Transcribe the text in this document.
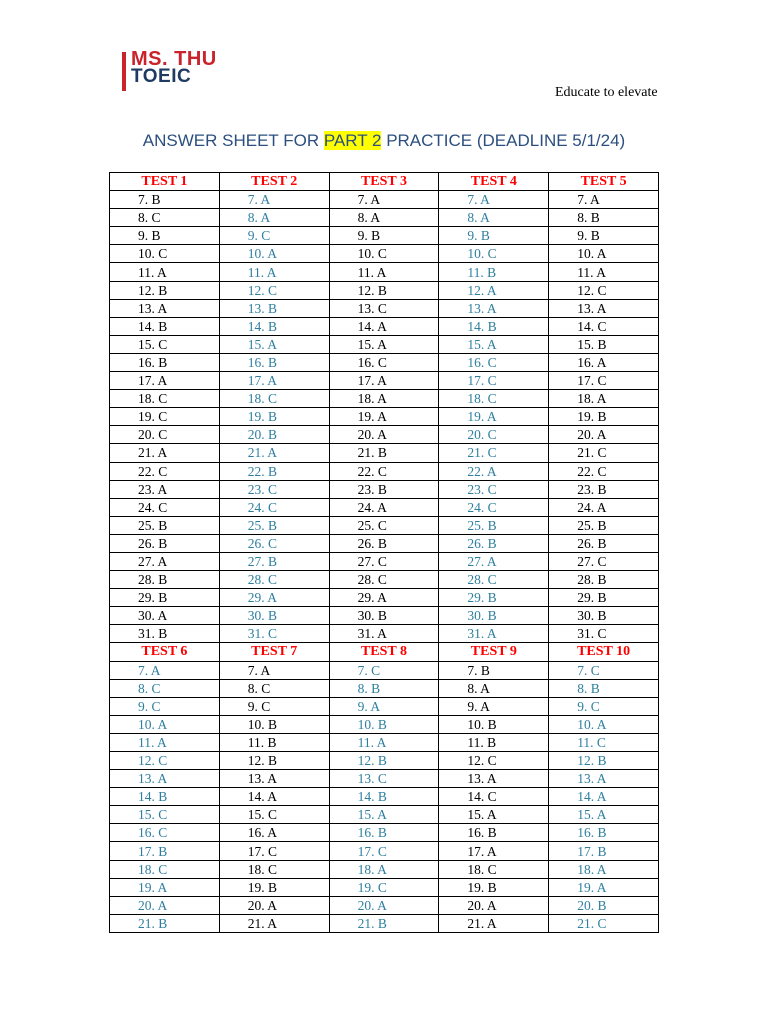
MS. THU
TOEIC
Educate to elevate
ANSWER SHEET FOR PART 2 PRACTICE (DEADLINE 5/1/24)
TEST 1	TEST 2	TEST 3	TEST 4	TEST 5
7. B	7. A	7. A	7. A	7. A
8. C	8. A	8. A	8. A	8. B
9. B	9. C	9. B	9. B	9. B
10. C	10. A	10. C	10. C	10. A
11. A	11. A	11. A	11. B	11. A
12. B	12. C	12. B	12. A	12. C
13. A	13. B	13. C	13. A	13. A
14. B	14. B	14. A	14. B	14. C
15. C	15. A	15. A	15. A	15. B
16. B	16. B	16. C	16. C	16. A
17. A	17. A	17. A	17. C	17. C
18. C	18. C	18. A	18. C	18. A
19. C	19. B	19. A	19. A	19. B
20. C	20. B	20. A	20. C	20. A
21. A	21. A	21. B	21. C	21. C
22. C	22. B	22. C	22. A	22. C
23. A	23. C	23. B	23. C	23. B
24. C	24. C	24. A	24. C	24. A
25. B	25. B	25. C	25. B	25. B
26. B	26. C	26. B	26. B	26. B
27. A	27. B	27. C	27. A	27. C
28. B	28. C	28. C	28. C	28. B
29. B	29. A	29. A	29. B	29. B
30. A	30. B	30. B	30. B	30. B
31. B	31. C	31. A	31. A	31. C
TEST 6	TEST 7	TEST 8	TEST 9	TEST 10
7. A	7. A	7. C	7. B	7. C
8. C	8. C	8. B	8. A	8. B
9. C	9. C	9. A	9. A	9. C
10. A	10. B	10. B	10. B	10. A
11. A	11. B	11. A	11. B	11. C
12. C	12. B	12. B	12. C	12. B
13. A	13. A	13. C	13. A	13. A
14. B	14. A	14. B	14. C	14. A
15. C	15. C	15. A	15. A	15. A
16. C	16. A	16. B	16. B	16. B
17. B	17. C	17. C	17. A	17. B
18. C	18. C	18. A	18. C	18. A
19. A	19. B	19. C	19. B	19. A
20. A	20. A	20. A	20. A	20. B
21. B	21. A	21. B	21. A	21. C
